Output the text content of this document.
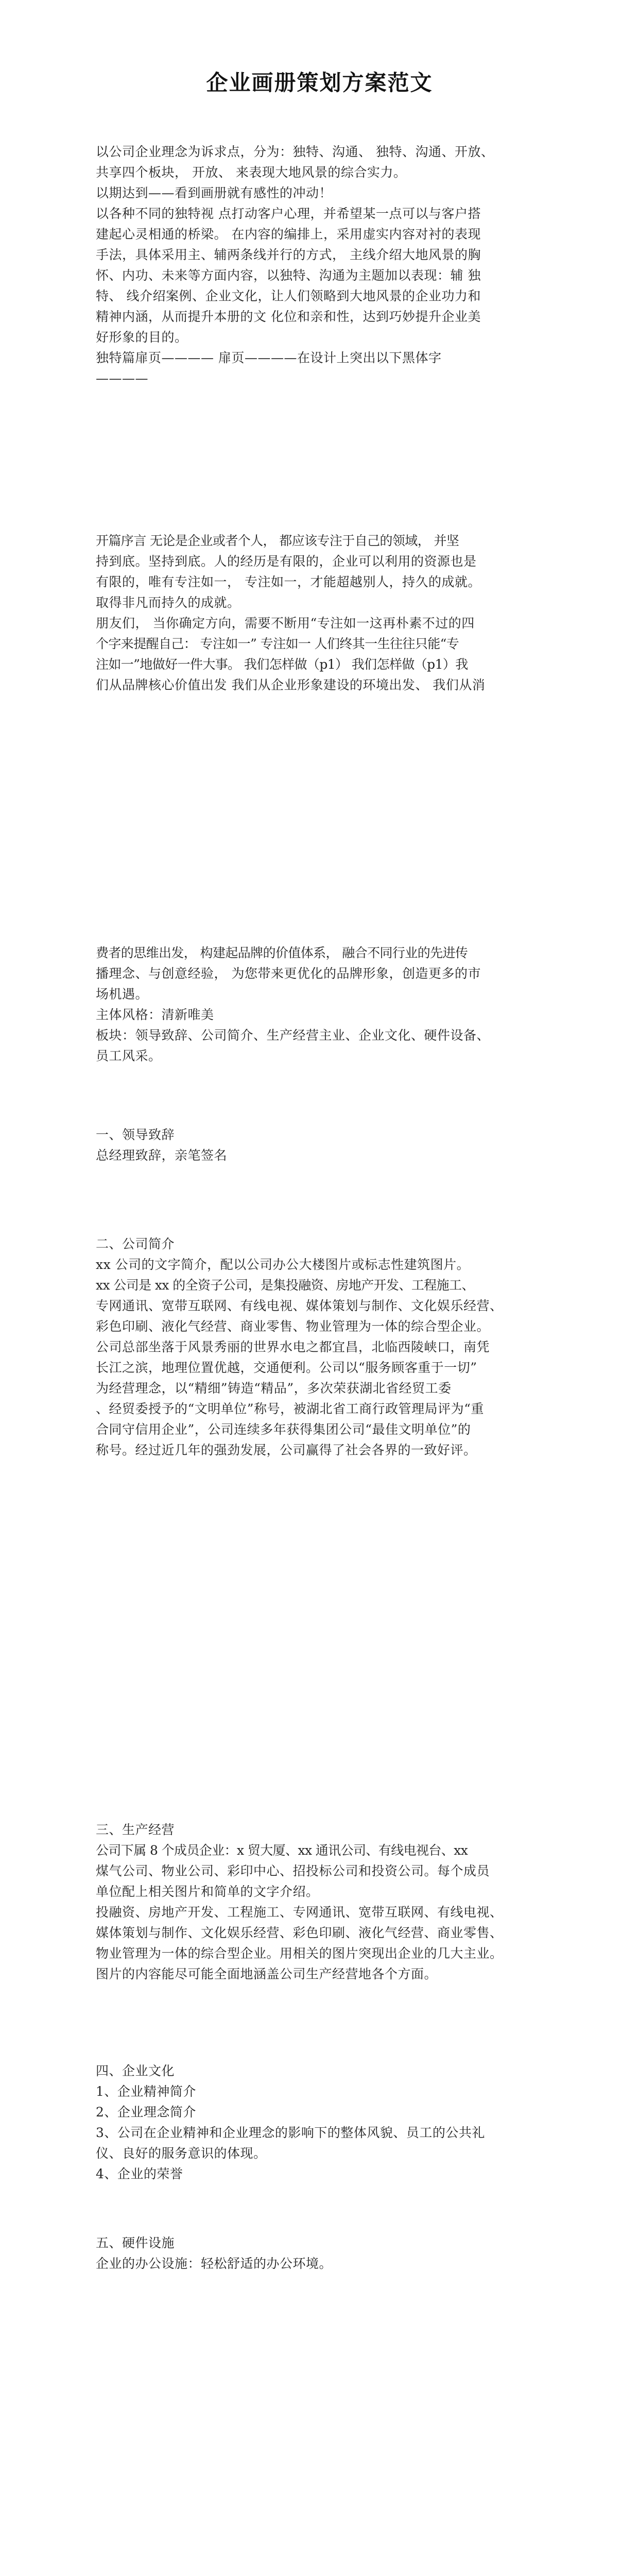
企业画册策划方案范文
以公司企业理念为诉求点，分为：独特、沟通、 独特、沟通、开放、
共享四个板块， 开放、 来表现大地风景的综合实力。
以期达到——看到画册就有感性的冲动！
以各种不同的独特视 点打动客户心理，并希望某一点可以与客户搭
建起心灵相通的桥梁。 在内容的编排上，采用虚实内容对衬的表现
手法，具体采用主、辅两条线并行的方式， 主线介绍大地风景的胸
怀、内功、未来等方面内容，以独特、沟通为主题加以表现：辅 独
特、 线介绍案例、企业文化，让人们领略到大地风景的企业功力和
精神内涵，从而提升本册的文 化位和亲和性，达到巧妙提升企业美
好形象的目的。
独特篇扉页———— 扉页————在设计上突出以下黑体字
————
开篇序言 无论是企业或者个人， 都应该专注于自己的领域， 并坚
持到底。坚持到底。人的经历是有限的，企业可以利用的资源也是
有限的，唯有专注如一， 专注如一，才能超越别人，持久的成就。
取得非凡而持久的成就。
朋友们， 当你确定方向，需要不断用“专注如一这再朴素不过的四
个字来提醒自己： 专注如一” 专注如一 人们终其一生往往只能“专
注如一”地做好一件大事。 我们怎样做（p1） 我们怎样做（p1）我
们从品牌核心价值出发 我们从企业形象建设的环境出发、 我们从消
费者的思维出发， 构建起品牌的价值体系， 融合不同行业的先进传
播理念、与创意经验， 为您带来更优化的品牌形象，创造更多的市
场机遇。
主体风格：清新唯美
板块：领导致辞、公司简介、生产经营主业、企业文化、硬件设备、
员工风采。
一、领导致辞
总经理致辞，亲笔签名
二、公司简介
xx 公司的文字简介，配以公司办公大楼图片或标志性建筑图片。
xx 公司是 xx 的全资子公司，是集投融资、房地产开发、工程施工、
专网通讯、宽带互联网、有线电视、媒体策划与制作、文化娱乐经营、
彩色印刷、液化气经营、商业零售、物业管理为一体的综合型企业。
公司总部坐落于风景秀丽的世界水电之都宜昌，北临西陵峡口，南凭
长江之滨，地理位置优越，交通便利。公司以“服务顾客重于一切”
为经营理念，以“精细”铸造“精品”，多次荣获湖北省经贸工委
、经贸委授予的“文明单位”称号，被湖北省工商行政管理局评为“重
合同守信用企业”，公司连续多年获得集团公司“最佳文明单位”的
称号。经过近几年的强劲发展，公司赢得了社会各界的一致好评。
三、生产经营
公司下属 8 个成员企业：x 贸大厦、xx 通讯公司、有线电视台、xx
煤气公司、物业公司、彩印中心、招投标公司和投资公司。每个成员
单位配上相关图片和简单的文字介绍。
投融资、房地产开发、工程施工、专网通讯、宽带互联网、有线电视、
媒体策划与制作、文化娱乐经营、彩色印刷、液化气经营、商业零售、
物业管理为一体的综合型企业。用相关的图片突现出企业的几大主业。
图片的内容能尽可能全面地涵盖公司生产经营地各个方面。
四、企业文化
1、企业精神简介
2、企业理念简介
3、公司在企业精神和企业理念的影响下的整体风貌、员工的公共礼
仪、良好的服务意识的体现。
4、企业的荣誉
五、硬件设施
企业的办公设施：轻松舒适的办公环境。
